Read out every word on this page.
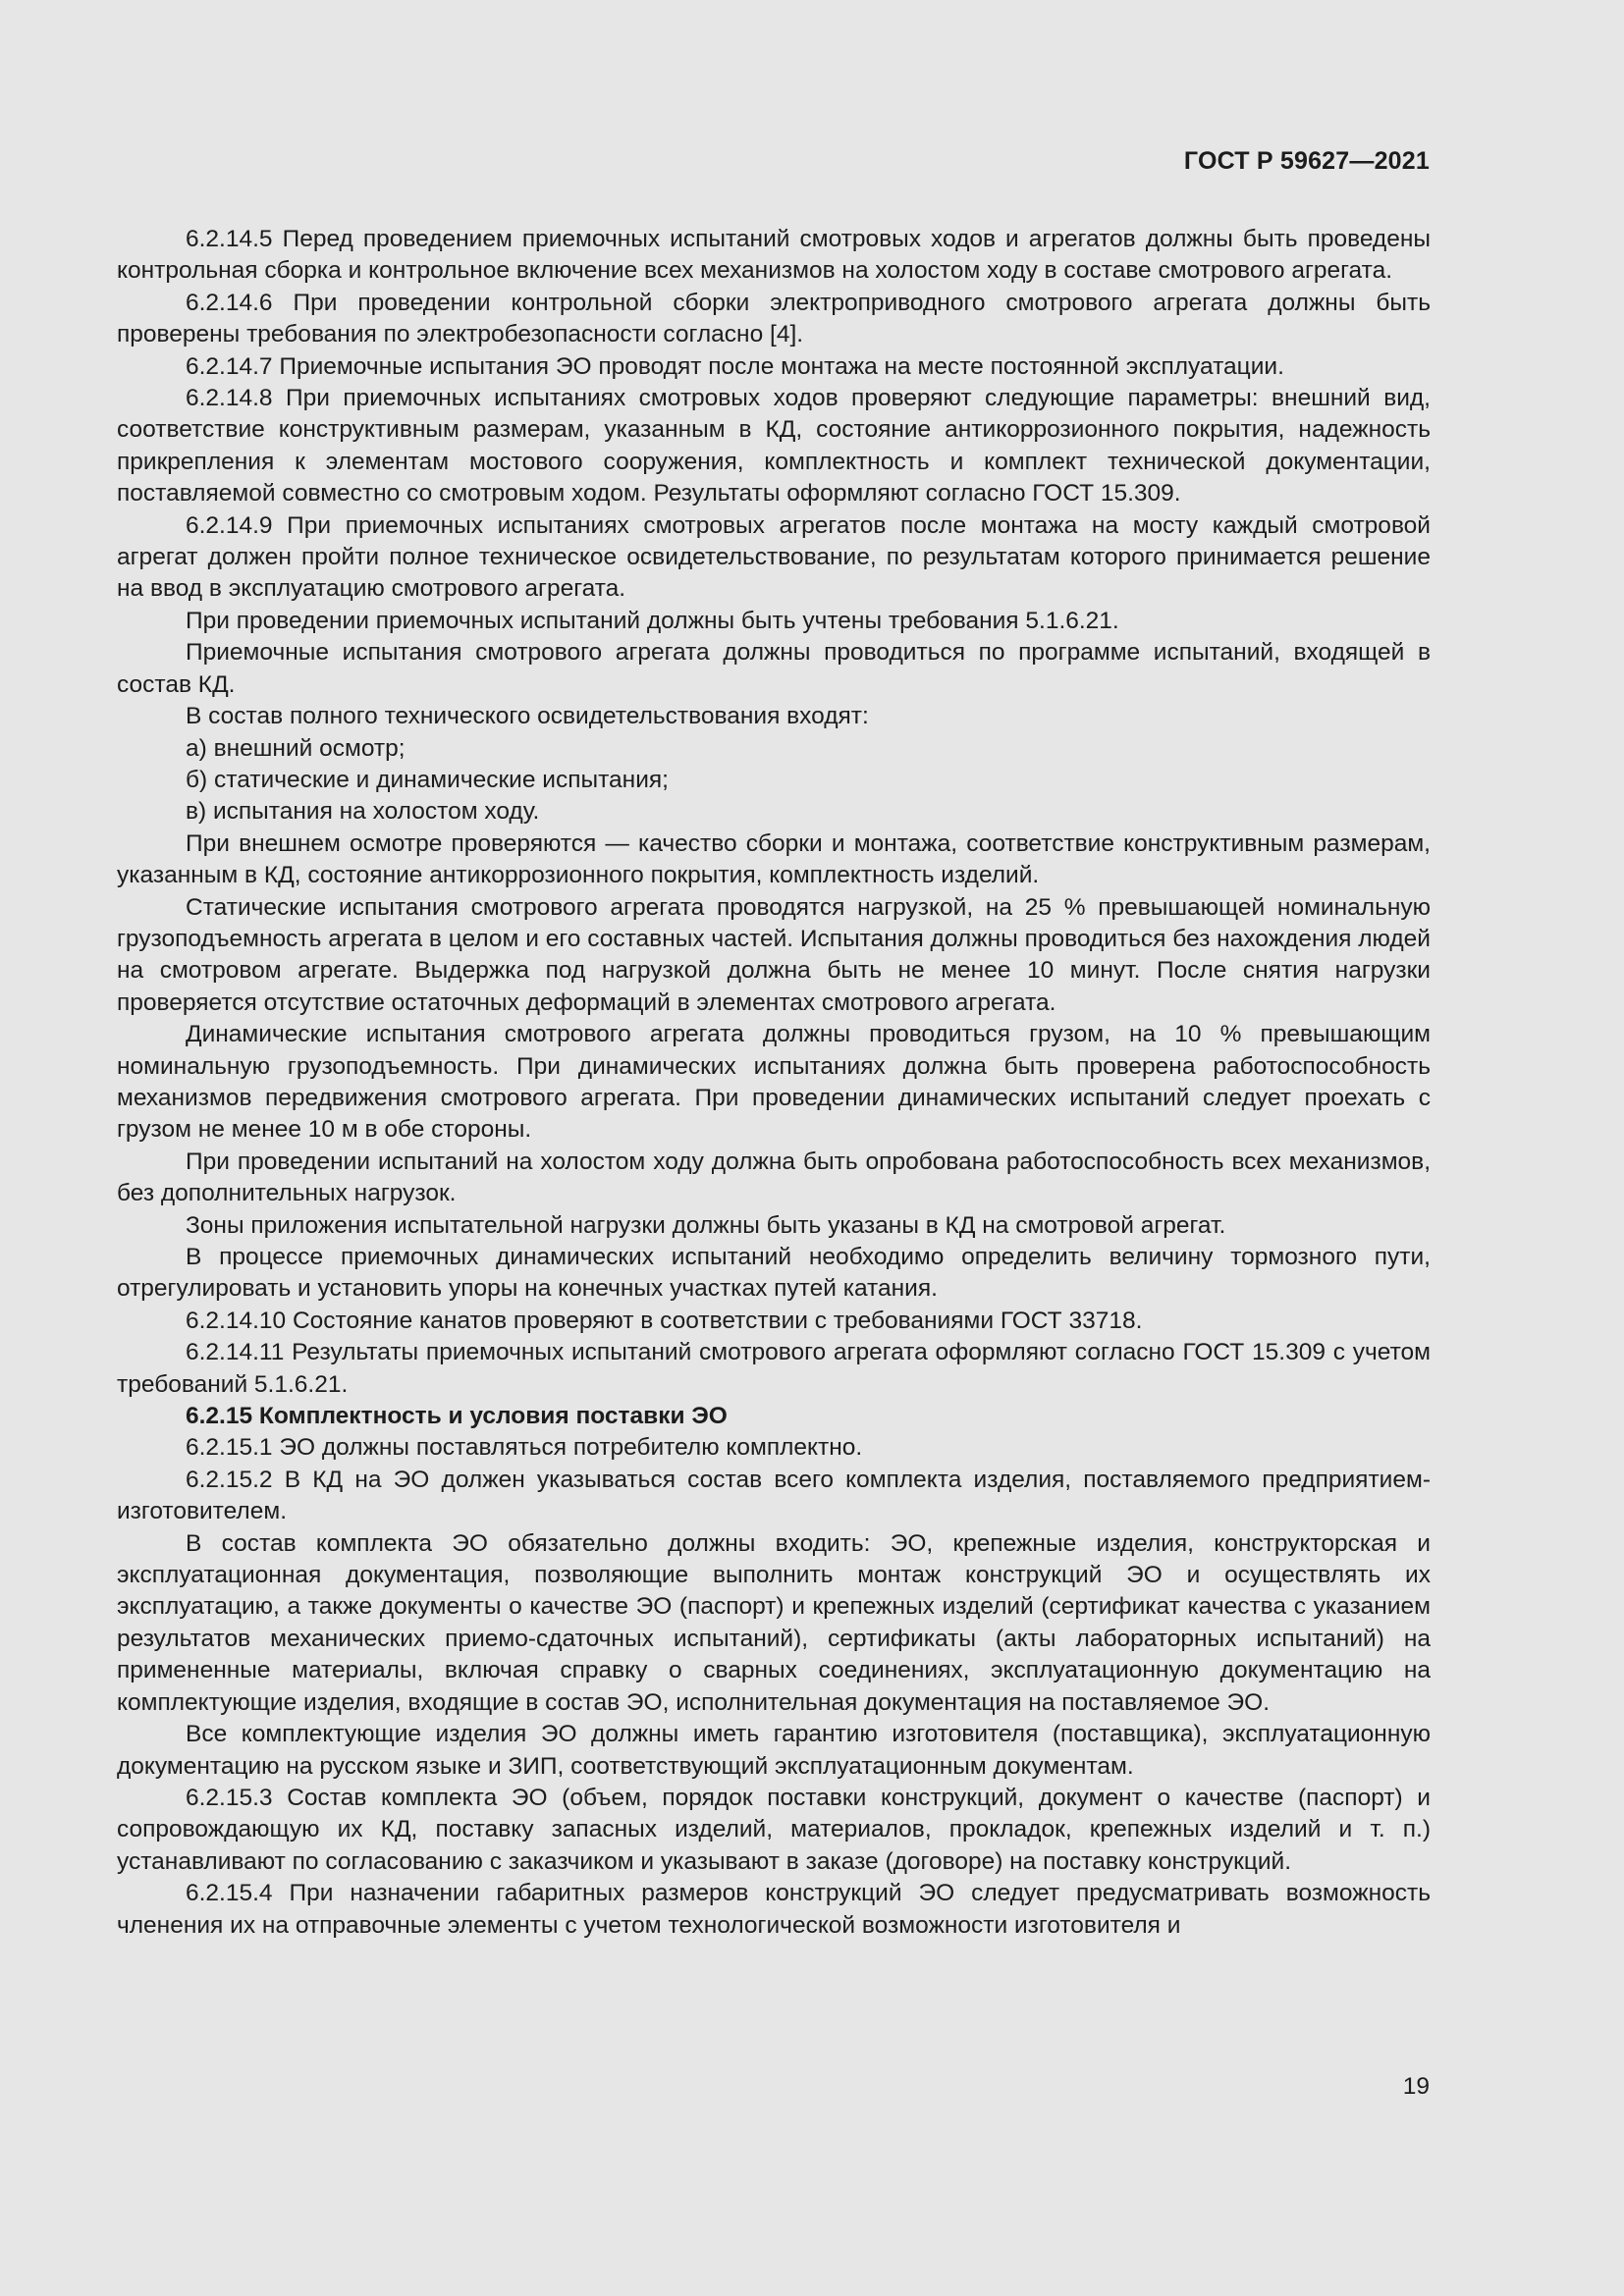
ГОСТ Р 59627—2021

6.2.14.5 Перед проведением приемочных испытаний смотровых ходов и агрегатов должны быть проведены контрольная сборка и контрольное включение всех механизмов на холостом ходу в составе смотрового агрегата.

6.2.14.6 При проведении контрольной сборки электроприводного смотрового агрегата должны быть проверены требования по электробезопасности согласно [4].

6.2.14.7 Приемочные испытания ЭО проводят после монтажа на месте постоянной эксплуатации.

6.2.14.8 При приемочных испытаниях смотровых ходов проверяют следующие параметры: внешний вид, соответствие конструктивным размерам, указанным в КД, состояние антикоррозионного покрытия, надежность прикрепления к элементам мостового сооружения, комплектность и комплект технической документации, поставляемой совместно со смотровым ходом. Результаты оформляют согласно ГОСТ 15.309.

6.2.14.9 При приемочных испытаниях смотровых агрегатов после монтажа на мосту каждый смотровой агрегат должен пройти полное техническое освидетельствование, по результатам которого принимается решение на ввод в эксплуатацию смотрового агрегата.

При проведении приемочных испытаний должны быть учтены требования 5.1.6.21.

Приемочные испытания смотрового агрегата должны проводиться по программе испытаний, входящей в состав КД.

В состав полного технического освидетельствования входят:

а) внешний осмотр;

б) статические и динамические испытания;

в) испытания на холостом ходу.

При внешнем осмотре проверяются — качество сборки и монтажа, соответствие конструктивным размерам, указанным в КД, состояние антикоррозионного покрытия, комплектность изделий.

Статические испытания смотрового агрегата проводятся нагрузкой, на 25 % превышающей номинальную грузоподъемность агрегата в целом и его составных частей. Испытания должны проводиться без нахождения людей на смотровом агрегате. Выдержка под нагрузкой должна быть не менее 10 минут. После снятия нагрузки проверяется отсутствие остаточных деформаций в элементах смотрового агрегата.

Динамические испытания смотрового агрегата должны проводиться грузом, на 10 % превышающим номинальную грузоподъемность. При динамических испытаниях должна быть проверена работоспособность механизмов передвижения смотрового агрегата. При проведении динамических испытаний следует проехать с грузом не менее 10 м в обе стороны.

При проведении испытаний на холостом ходу должна быть опробована работоспособность всех механизмов, без дополнительных нагрузок.

Зоны приложения испытательной нагрузки должны быть указаны в КД на смотровой агрегат.

В процессе приемочных динамических испытаний необходимо определить величину тормозного пути, отрегулировать и установить упоры на конечных участках путей катания.

6.2.14.10 Состояние канатов проверяют в соответствии с требованиями ГОСТ 33718.

6.2.14.11 Результаты приемочных испытаний смотрового агрегата оформляют согласно ГОСТ 15.309 с учетом требований 5.1.6.21.

6.2.15 Комплектность и условия поставки ЭО

6.2.15.1 ЭО должны поставляться потребителю комплектно.

6.2.15.2 В КД на ЭО должен указываться состав всего комплекта изделия, поставляемого предприятием-изготовителем.

В состав комплекта ЭО обязательно должны входить: ЭО, крепежные изделия, конструкторская и эксплуатационная документация, позволяющие выполнить монтаж конструкций ЭО и осуществлять их эксплуатацию, а также документы о качестве ЭО (паспорт) и крепежных изделий (сертификат качества с указанием результатов механических приемо-сдаточных испытаний), сертификаты (акты лабораторных испытаний) на примененные материалы, включая справку о сварных соединениях, эксплуатационную документацию на комплектующие изделия, входящие в состав ЭО, исполнительная документация на поставляемое ЭО.

Все комплектующие изделия ЭО должны иметь гарантию изготовителя (поставщика), эксплуатационную документацию на русском языке и ЗИП, соответствующий эксплуатационным документам.

6.2.15.3 Состав комплекта ЭО (объем, порядок поставки конструкций, документ о качестве (паспорт) и сопровождающую их КД, поставку запасных изделий, материалов, прокладок, крепежных изделий и т. п.) устанавливают по согласованию с заказчиком и указывают в заказе (договоре) на поставку конструкций.

6.2.15.4 При назначении габаритных размеров конструкций ЭО следует предусматривать возможность членения их на отправочные элементы с учетом технологической возможности изготовителя и

19
